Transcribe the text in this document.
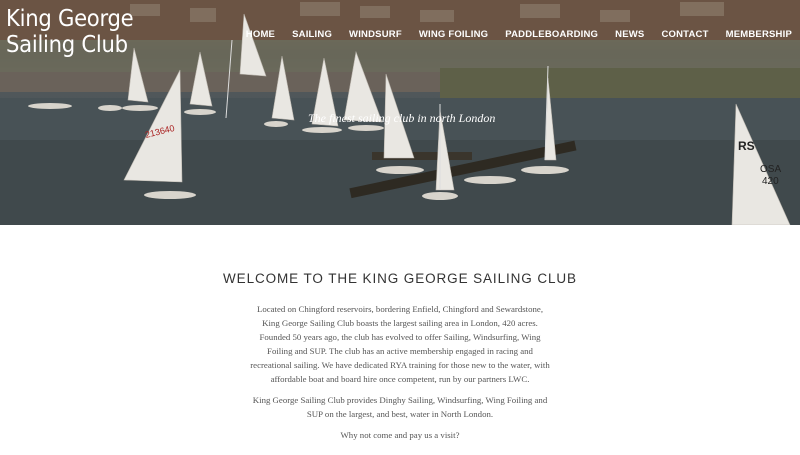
213640
RS
OSA
420
King George
Sailing Club	HOME SAILING WINDSURF WING FOILING PADDLEBOARDING NEWS CONTACT MEMBERSHIP
The finest sailing club in north London
WELCOME TO THE KING GEORGE SAILING CLUB

Located on Chingford reservoirs, bordering Enfield, Chingford and Sewardstone, King George Sailing Club boasts the largest sailing area in London, 420 acres. Founded 50 years ago, the club has evolved to offer Sailing, Windsurfing, Wing Foiling and SUP. The club has an active membership engaged in racing and recreational sailing. We have dedicated RYA training for those new to the water, with affordable boat and board hire once competent, run by our partners LWC.

King George Sailing Club provides Dinghy Sailing, Windsurfing, Wing Foiling and SUP on the largest, and best, water in North London.

Why not come and pay us a visit?
